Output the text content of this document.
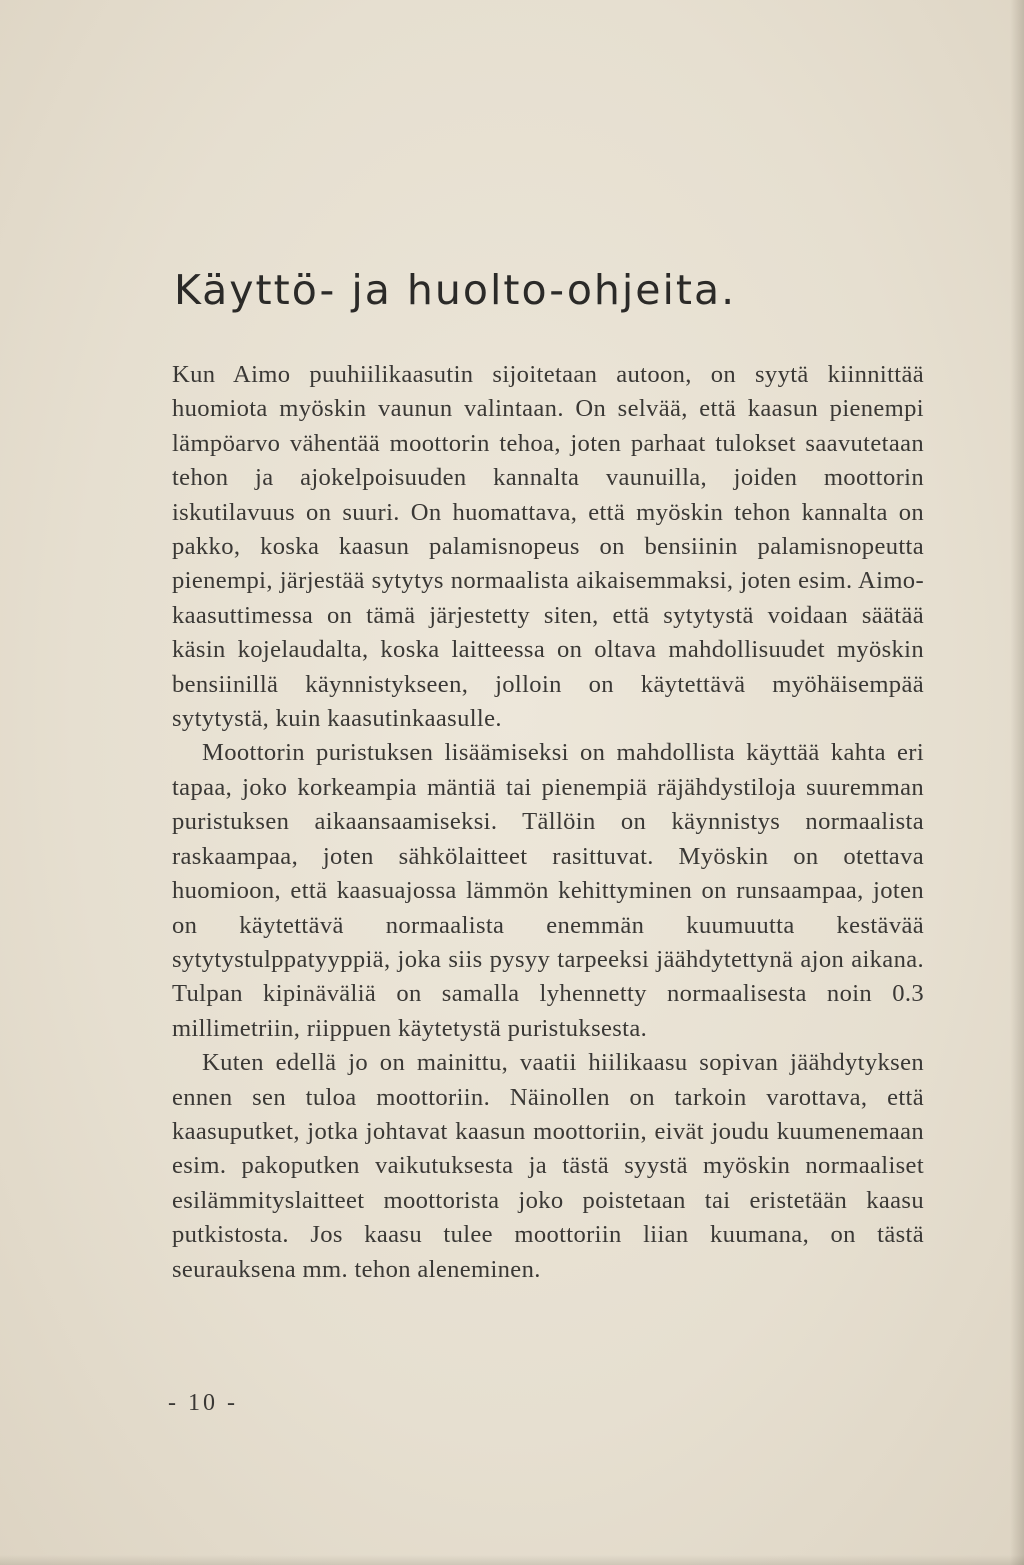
Käyttö- ja huolto-ohjeita.

Kun Aimo puuhiilikaasutin sijoitetaan autoon, on syytä kiinnittää huomiota myöskin vaunun valintaan. On selvää, että kaasun pienempi lämpöarvo vähentää moottorin tehoa, joten parhaat tulokset saavutetaan tehon ja ajokelpoisuuden kannalta vaunuilla, joiden moottorin iskutilavuus on suuri. On huomattava, että myöskin tehon kannalta on pakko, koska kaasun palamisnopeus on bensiinin palamisnopeutta pienempi, järjestää sytytys normaalista aikaisemmaksi, joten esim. Aimo-kaasuttimessa on tämä järjestetty siten, että sytytystä voidaan säätää käsin kojelaudalta, koska laitteessa on oltava mahdollisuudet myöskin bensiinillä käynnistykseen, jolloin on käytettävä myöhäisempää sytytystä, kuin kaasutinkaasulle.

Moottorin puristuksen lisäämiseksi on mahdollista käyttää kahta eri tapaa, joko korkeampia mäntiä tai pienempiä räjähdystiloja suuremman puristuksen aikaansaamiseksi. Tällöin on käynnistys normaalista raskaampaa, joten sähkölaitteet rasittuvat. Myöskin on otettava huomioon, että kaasuajossa lämmön kehittyminen on runsaampaa, joten on käytettävä normaalista enemmän kuumuutta kestävää sytytystulppatyyppiä, joka siis pysyy tarpeeksi jäähdytettynä ajon aikana. Tulpan kipinäväliä on samalla lyhennetty normaalisesta noin 0.3 millimetriin, riippuen käytetystä puristuksesta.

Kuten edellä jo on mainittu, vaatii hiilikaasu sopivan jäähdytyksen ennen sen tuloa moottoriin. Näinollen on tarkoin varottava, että kaasuputket, jotka johtavat kaasun moottoriin, eivät joudu kuumenemaan esim. pakoputken vaikutuksesta ja tästä syystä myöskin normaaliset esilämmityslaitteet moottorista joko poistetaan tai eristetään kaasu putkistosta. Jos kaasu tulee moottoriin liian kuumana, on tästä seurauksena mm. tehon aleneminen.

- 10 -
